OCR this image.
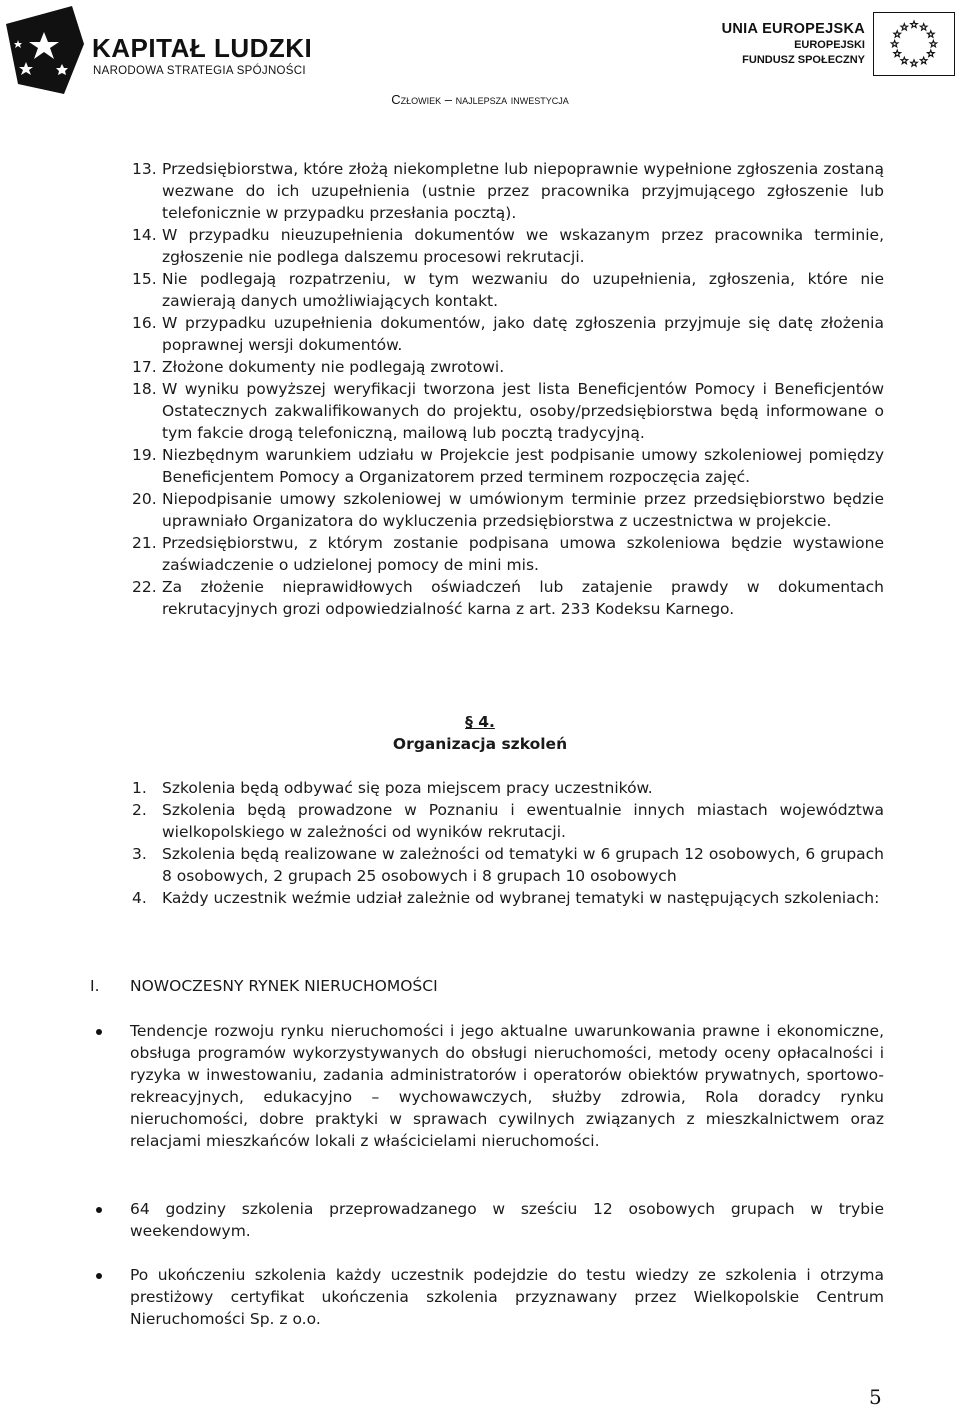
KAPITAŁ LUDZKI
NARODOWA STRATEGIA SPÓJNOŚCI
UNIA EUROPEJSKA
EUROPEJSKI
FUNDUSZ SPOŁECZNY
Człowiek – najlepsza inwestycja
13. Przedsiębiorstwa, które złożą niekompletne lub niepoprawnie wypełnione zgłoszenia zostaną wezwane do ich uzupełnienia (ustnie przez pracownika przyjmującego zgłoszenie lub telefonicznie w przypadku przesłania pocztą).
14. W przypadku nieuzupełnienia dokumentów we wskazanym przez pracownika terminie, zgłoszenie nie podlega dalszemu procesowi rekrutacji.
15. Nie podlegają rozpatrzeniu, w tym wezwaniu do uzupełnienia, zgłoszenia, które nie zawierają danych umożliwiających kontakt.
16. W przypadku uzupełnienia dokumentów, jako datę zgłoszenia przyjmuje się datę złożenia poprawnej wersji dokumentów.
17. Złożone dokumenty nie podlegają zwrotowi.
18. W wyniku powyższej weryfikacji tworzona jest lista Beneficjentów Pomocy i Beneficjentów Ostatecznych zakwalifikowanych do projektu, osoby/przedsiębiorstwa będą informowane o tym fakcie drogą telefoniczną, mailową lub pocztą tradycyjną.
19. Niezbędnym warunkiem udziału w Projekcie jest podpisanie umowy szkoleniowej pomiędzy Beneficjentem Pomocy a Organizatorem przed terminem rozpoczęcia zajęć.
20. Niepodpisanie umowy szkoleniowej w umówionym terminie przez przedsiębiorstwo będzie uprawniało Organizatora do wykluczenia przedsiębiorstwa z uczestnictwa w projekcie.
21. Przedsiębiorstwu, z którym zostanie podpisana umowa szkoleniowa będzie wystawione zaświadczenie o udzielonej pomocy de mini mis.
22. Za złożenie nieprawidłowych oświadczeń lub zatajenie prawdy w dokumentach rekrutacyjnych grozi odpowiedzialność karna z art. 233 Kodeksu Karnego.
§ 4.
Organizacja szkoleń
1. Szkolenia będą odbywać się poza miejscem pracy uczestników.
2. Szkolenia będą prowadzone w Poznaniu i ewentualnie innych miastach województwa wielkopolskiego w zależności od wyników rekrutacji.
3. Szkolenia będą realizowane w zależności od tematyki w 6 grupach 12 osobowych, 6 grupach 8 osobowych, 2 grupach 25 osobowych i 8 grupach 10 osobowych
4. Każdy uczestnik weźmie udział zależnie od wybranej tematyki w następujących szkoleniach:
I. NOWOCZESNY RYNEK NIERUCHOMOŚCI
Tendencje rozwoju rynku nieruchomości i jego aktualne uwarunkowania prawne i ekonomiczne, obsługa programów wykorzystywanych do obsługi nieruchomości, metody oceny opłacalności i ryzyka w inwestowaniu, zadania administratorów i operatorów obiektów prywatnych, sportowo-rekreacyjnych, edukacyjno – wychowawczych, służby zdrowia, Rola doradcy rynku nieruchomości, dobre praktyki w sprawach cywilnych związanych z mieszkalnictwem oraz relacjami mieszkańców lokali z właścicielami nieruchomości.
64 godziny szkolenia przeprowadzanego w sześciu 12 osobowych grupach w trybie weekendowym.
Po ukończeniu szkolenia każdy uczestnik podejdzie do testu wiedzy ze szkolenia i otrzyma prestiżowy certyfikat ukończenia szkolenia przyznawany przez Wielkopolskie Centrum Nieruchomości Sp. z o.o.
5
